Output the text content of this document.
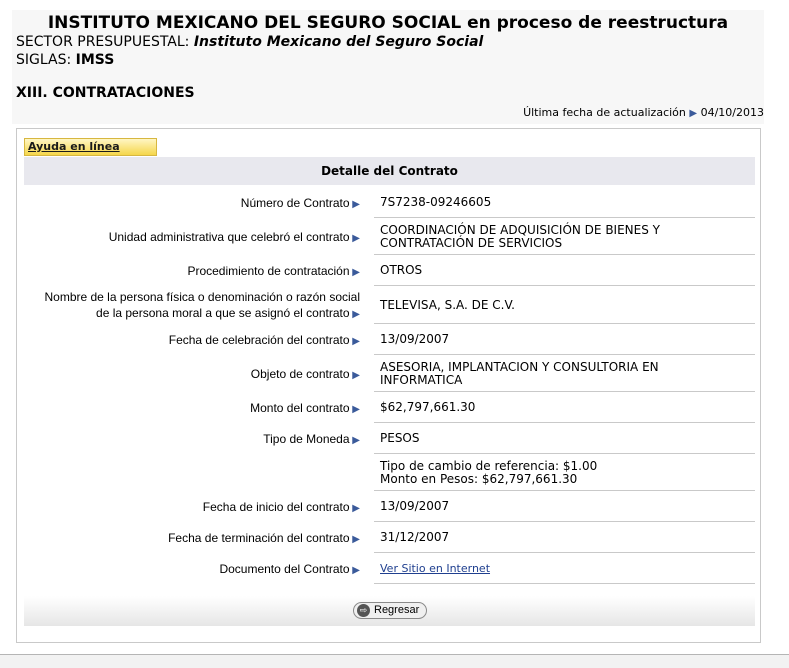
INSTITUTO MEXICANO DEL SEGURO SOCIAL en proceso de reestructura
SECTOR PRESUPUESTAL: Instituto Mexicano del Seguro Social
SIGLAS: IMSS
XIII. CONTRATACIONES
Última fecha de actualización ▶ 04/10/2013
Ayuda en línea
Detalle del Contrato
Número de Contrato ▶ 7S7238-09246605
Unidad administrativa que celebró el contrato ▶
COORDINACIÓN DE ADQUISICIÓN DE BIENES Y
CONTRATACIÓN DE SERVICIOS
Procedimiento de contratación ▶ OTROS
Nombre de la persona física o denominación o razón social
de la persona moral a que se asignó el contrato ▶
TELEVISA, S.A. DE C.V.
Fecha de celebración del contrato ▶ 13/09/2007
Objeto de contrato ▶
ASESORIA, IMPLANTACION Y CONSULTORIA EN
INFORMATICA
Monto del contrato ▶ $62,797,661.30
Tipo de Moneda ▶ PESOS
Tipo de cambio de referencia: $1.00
Monto en Pesos: $62,797,661.30
Fecha de inicio del contrato ▶ 13/09/2007
Fecha de terminación del contrato ▶ 31/12/2007
Documento del Contrato ▶ Ver Sitio en Internet
⇨ Regresar
